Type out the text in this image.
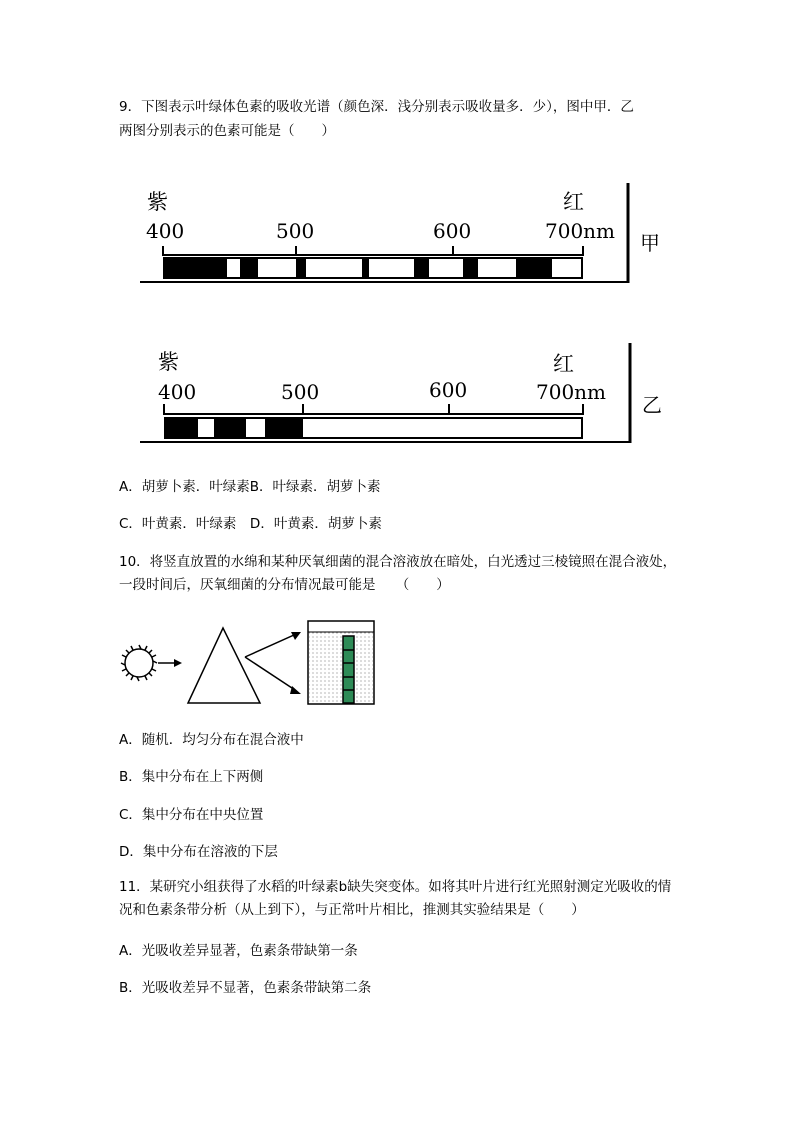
9．下图表示叶绿体色素的吸收光谱（颜色深．浅分别表示吸收量多．少），图中甲．乙
两图分别表示的色素可能是（　　）
紫	红
400	500	600	700nm 甲
紫	红
400	500	600	700nm
乙
A．胡萝卜素．叶绿素B．叶绿素．胡萝卜素
C．叶黄素．叶绿素　D．叶黄素．胡萝卜素
10．将竖直放置的水绵和某种厌氧细菌的混合溶液放在暗处，白光透过三棱镜照在混合液处，一段时间后，厌氧细菌的分布情况最可能是　　（　　）
A．随机．均匀分布在混合液中
B．集中分布在上下两侧
C．集中分布在中央位置
D．集中分布在溶液的下层
11．某研究小组获得了水稻的叶绿素b缺失突变体。如将其叶片进行红光照射测定光吸收的情况和色素条带分析（从上到下），与正常叶片相比，推测其实验结果是（　　）
A．光吸收差异显著，色素条带缺第一条
B．光吸收差异不显著，色素条带缺第二条
